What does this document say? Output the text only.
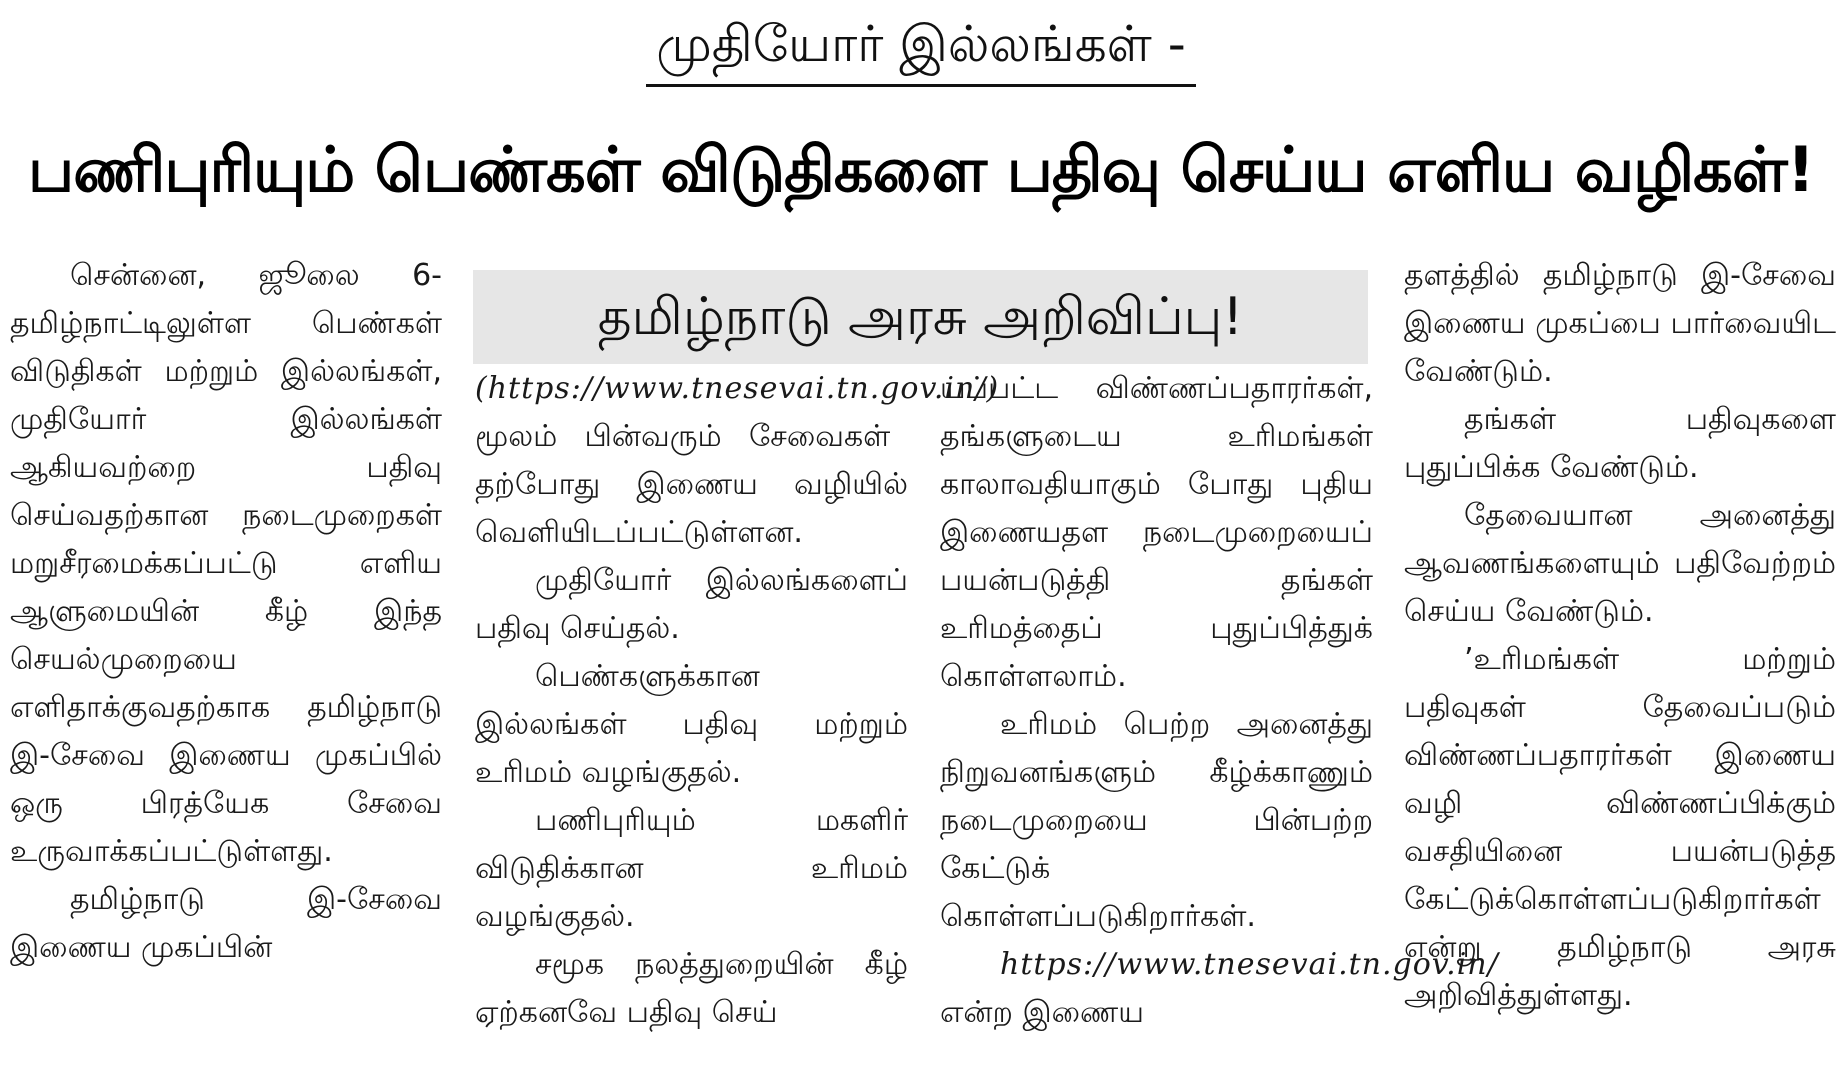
முதியோர் இல்லங்கள் -
பணிபுரியும் பெண்கள் விடுதிகளை பதிவு செய்ய எளிய வழிகள்!
தமிழ்நாடு அரசு அறிவிப்பு!

சென்னை, ஜூலை 6- தமிழ்நாட்டிலுள்ள பெண்கள் விடுதிகள் மற்றும் இல்லங்கள், முதியோர் இல்லங்கள் ஆகியவற்றை பதிவு செய்வதற்கான நடைமுறைகள் மறுசீரமைக்கப்பட்டு எளிய ஆளுமையின் கீழ் இந்த செயல்முறையை எளிதாக்குவதற்காக தமிழ்நாடு இ-சேவை இணைய முகப்பில் ஒரு பிரத்யேக சேவை உருவாக்கப்பட்டுள்ளது.

தமிழ்நாடு இ-சேவை இணைய முகப்பின்

(https://www.tnesevai.tn.gov.in/) மூலம் பின்வரும் சேவைகள் தற்போது இணைய வழியில் வெளியிடப்பட்டுள்ளன.

முதியோர் இல்லங்களைப் பதிவு செய்தல்.

பெண்களுக்கான இல்லங்கள் பதிவு மற்றும் உரிமம் வழங்குதல்.

பணிபுரியும் மகளிர் விடுதிக்கான உரிமம் வழங்குதல்.

சமூக நலத்துறையின் கீழ் ஏற்கனவே பதிவு செய்

யப்பட்ட விண்ணப்பதாரர்கள், தங்களுடைய உரிமங்கள் காலாவதியாகும் போது புதிய இணையதள நடைமுறையைப் பயன்படுத்தி தங்கள் உரிமத்தைப் புதுப்பித்துக் கொள்ளலாம்.

உரிமம் பெற்ற அனைத்து நிறுவனங்களும் கீழ்க்காணும் நடைமுறையை பின்பற்ற கேட்டுக் கொள்ளப்படுகிறார்கள்.

https://www.tnesevai.tn.gov.in/ என்ற இணைய

தளத்தில் தமிழ்நாடு இ-சேவை இணைய முகப்பை பார்வையிட வேண்டும்.

தங்கள் பதிவுகளை புதுப்பிக்க வேண்டும்.

தேவையான அனைத்து ஆவணங்களையும் பதிவேற்றம் செய்ய வேண்டும்.

’உரிமங்கள் மற்றும் பதிவுகள் தேவைப்படும் விண்ணப்பதாரர்கள் இணைய வழி விண்ணப்பிக்கும் வசதியினை பயன்படுத்த கேட்டுக்கொள்ளப்படுகிறார்கள் என்று தமிழ்நாடு அரசு அறிவித்துள்ளது.
